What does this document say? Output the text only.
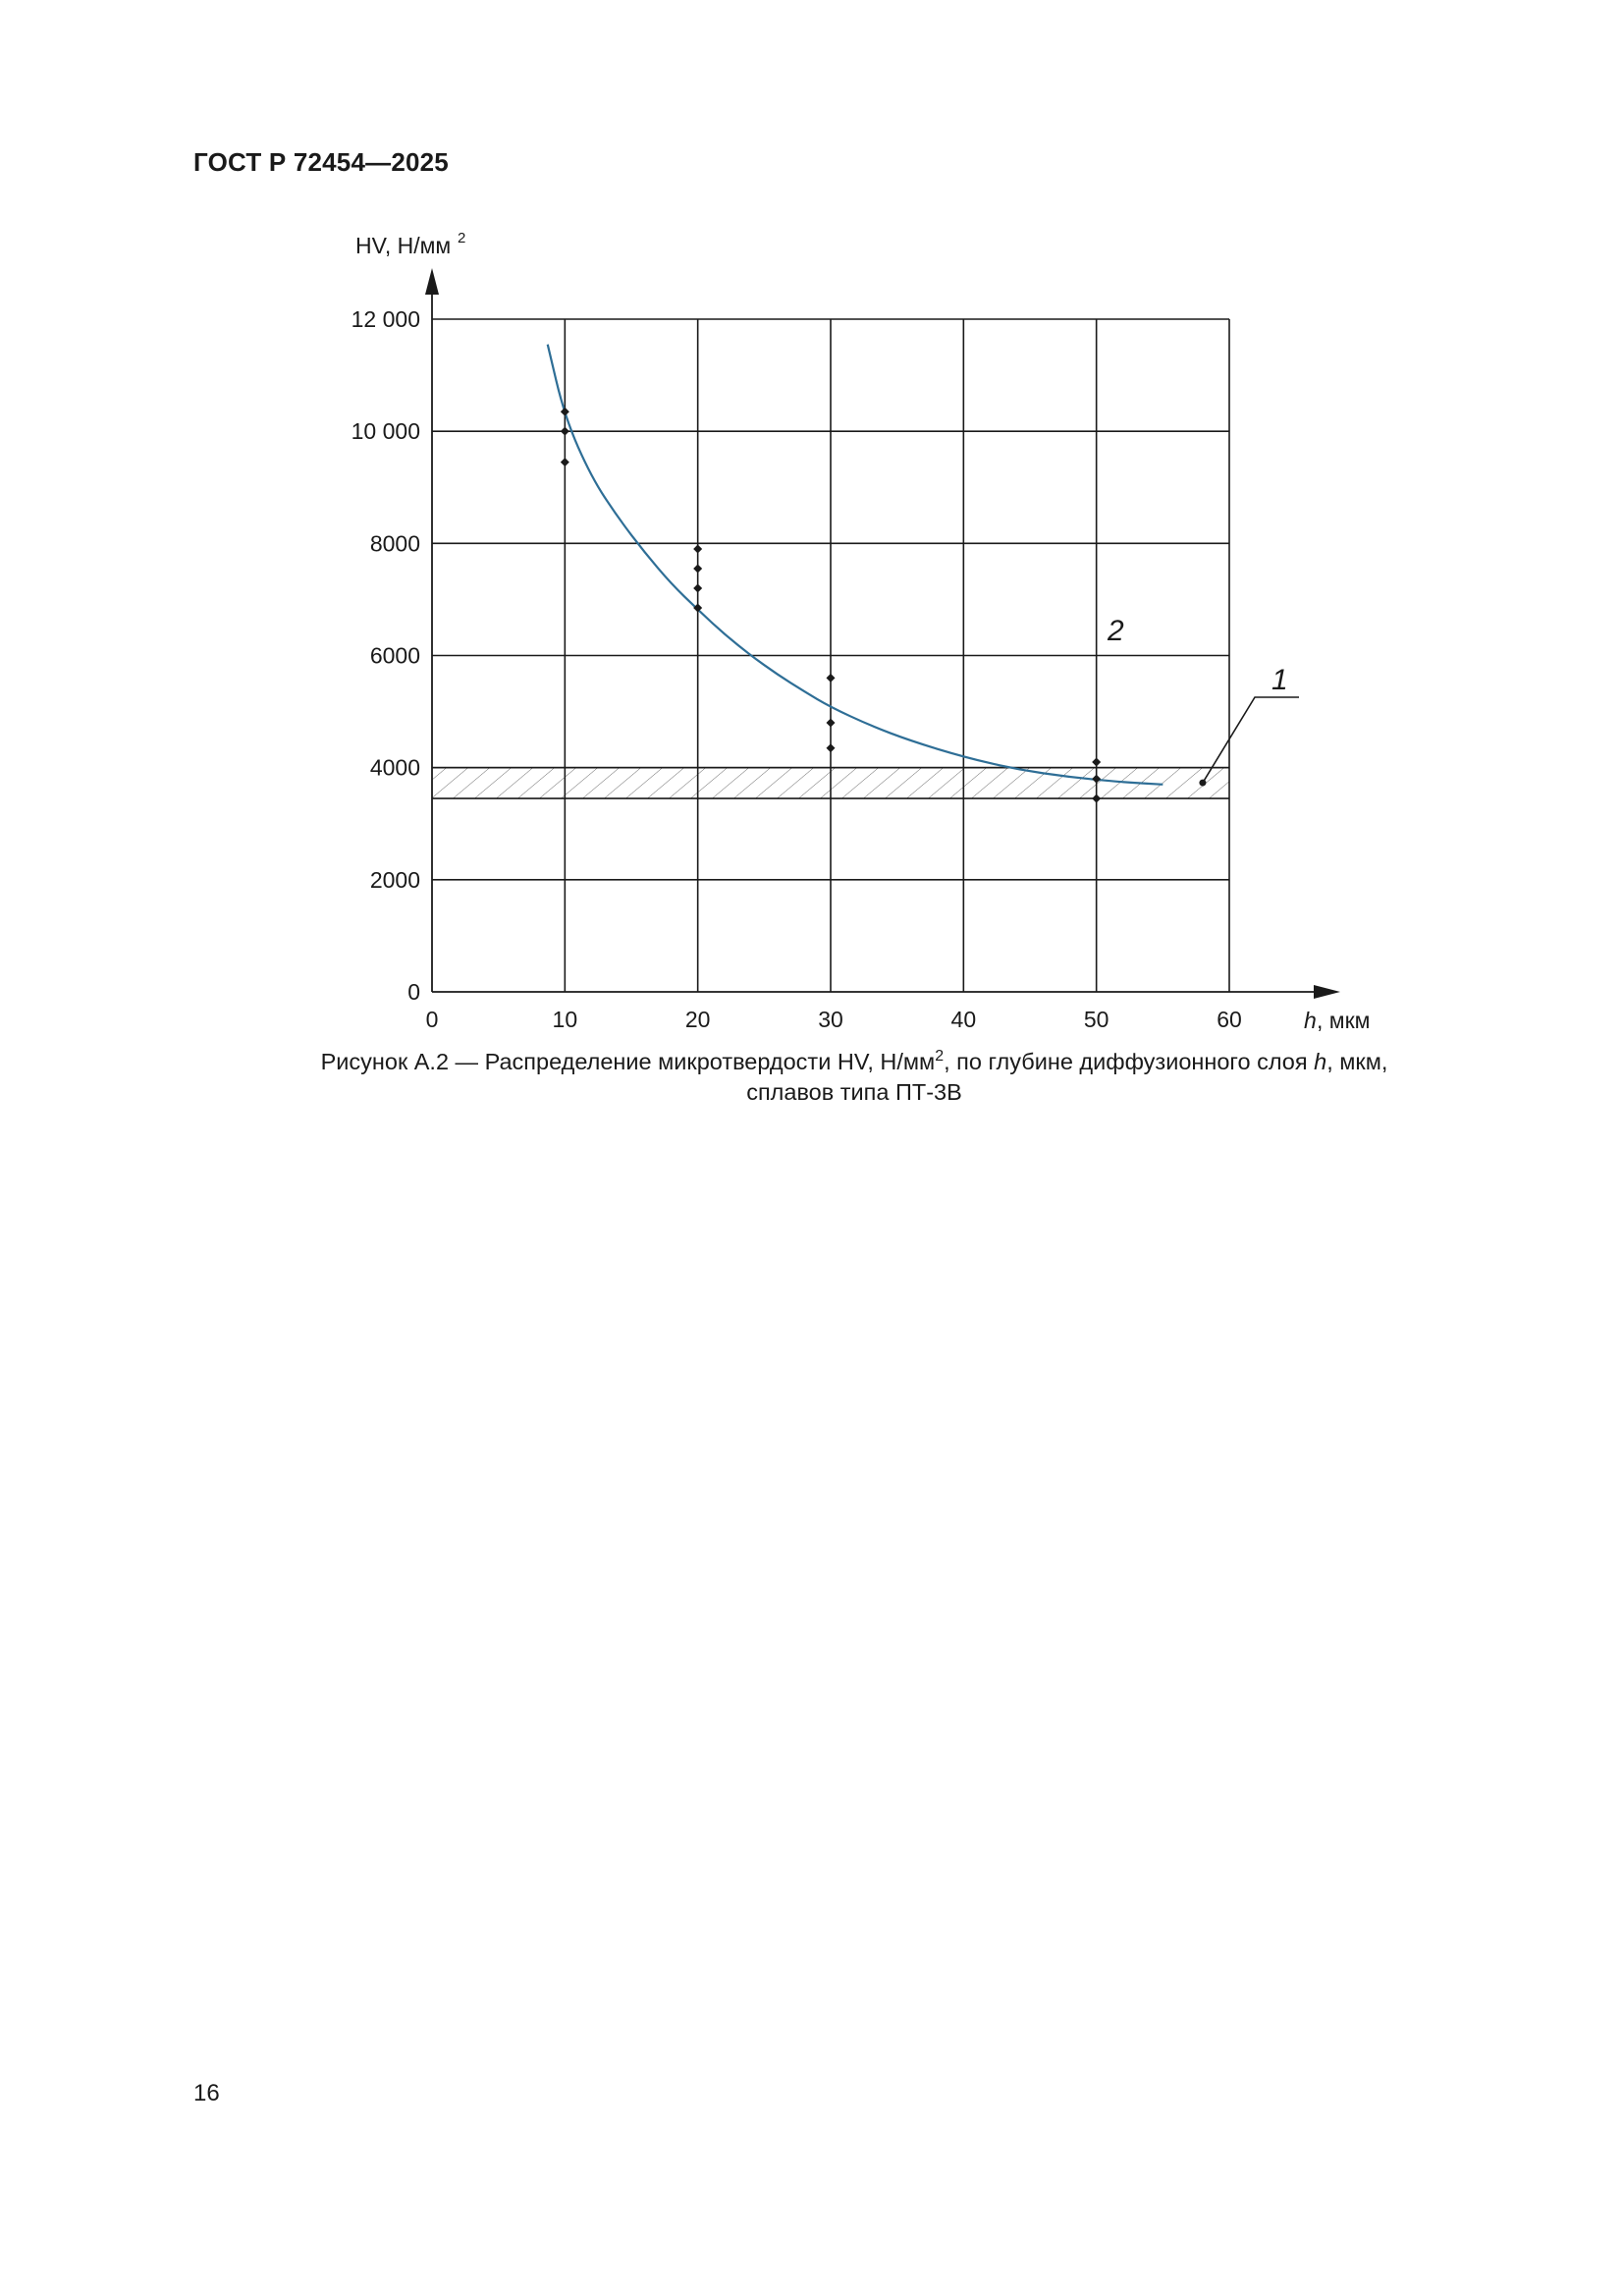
ГОСТ Р 72454—2025
0	10	20	30	40	50	60
0
2000
4000
6000
8000
10 000
12 000
HV, Н/мм 2
h , мкм
1
2
Рисунок А.2 — Распределение микротвердости HV, $Н/мм^2$, по глубине диффузионного слоя h, мкм,
сплавов типа ПТ-3В
16
